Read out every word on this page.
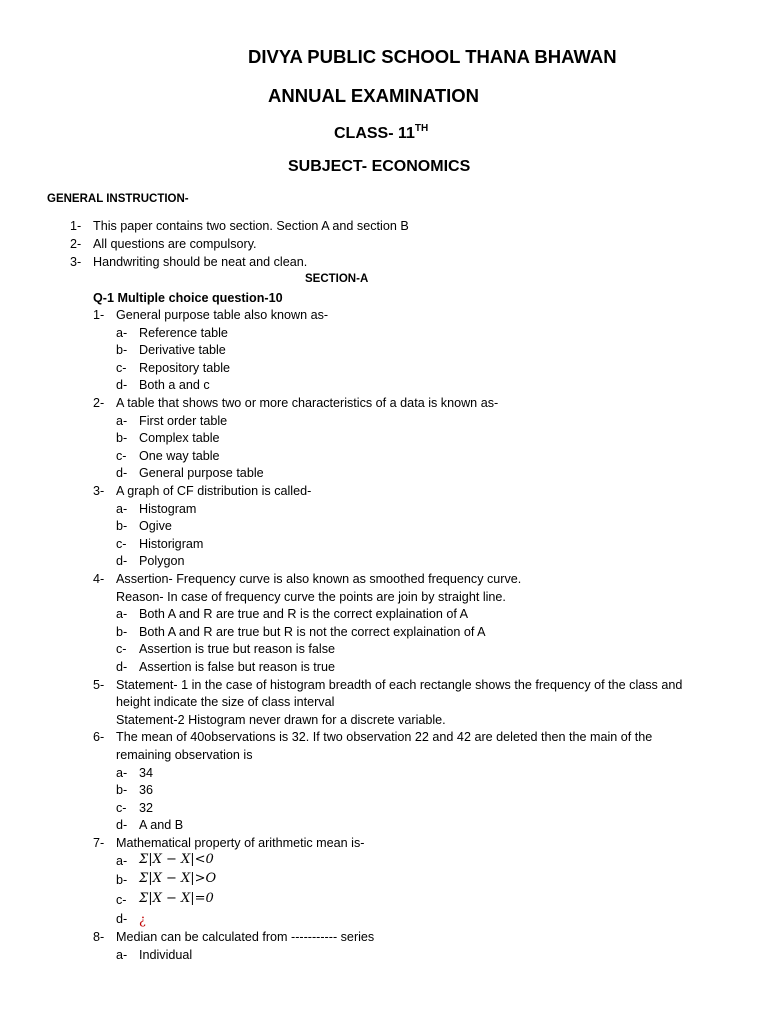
DIVYA PUBLIC SCHOOL THANA BHAWAN
ANNUAL EXAMINATION
CLASS- 11TH
SUBJECT- ECONOMICS
GENERAL INSTRUCTION-
1- This paper contains two section. Section A and section B
2- All questions are compulsory.
3- Handwriting should be neat and clean.
SECTION-A
Q-1 Multiple choice question-10
1- General purpose table also known as-
a- Reference table
b- Derivative table
c- Repository table
d- Both a and c
2- A table that shows two or more characteristics of a data is known as-
a- First order table
b- Complex table
c- One way table
d- General purpose table
3- A graph of CF distribution is called-
a- Histogram
b- Ogive
c- Historigram
d- Polygon
4- Assertion- Frequency curve is also known as smoothed frequency curve.
Reason- In case of frequency curve the points are join by straight line.
a- Both A and R are true and R is the correct explaination of A
b- Both A and R are true but R is not the correct explaination of A
c- Assertion is true but reason is false
d- Assertion is false but reason is true
5- Statement- 1 in the case of histogram breadth of each rectangle shows the frequency of the class and
height indicate the size of class interval
Statement-2 Histogram never drawn for a discrete variable.
6- The mean of 40observations is 32. If two observation 22 and 42 are deleted then the main of the
remaining observation is
a- 34
b- 36
c- 32
d- A and B
7- Mathematical property of arithmetic mean is-
a- Σ|X − X|<0
b- Σ|X − X|>O
c- Σ|X − X|=0
d- ¿
8- Median can be calculated from ----------- series
a- Individual
